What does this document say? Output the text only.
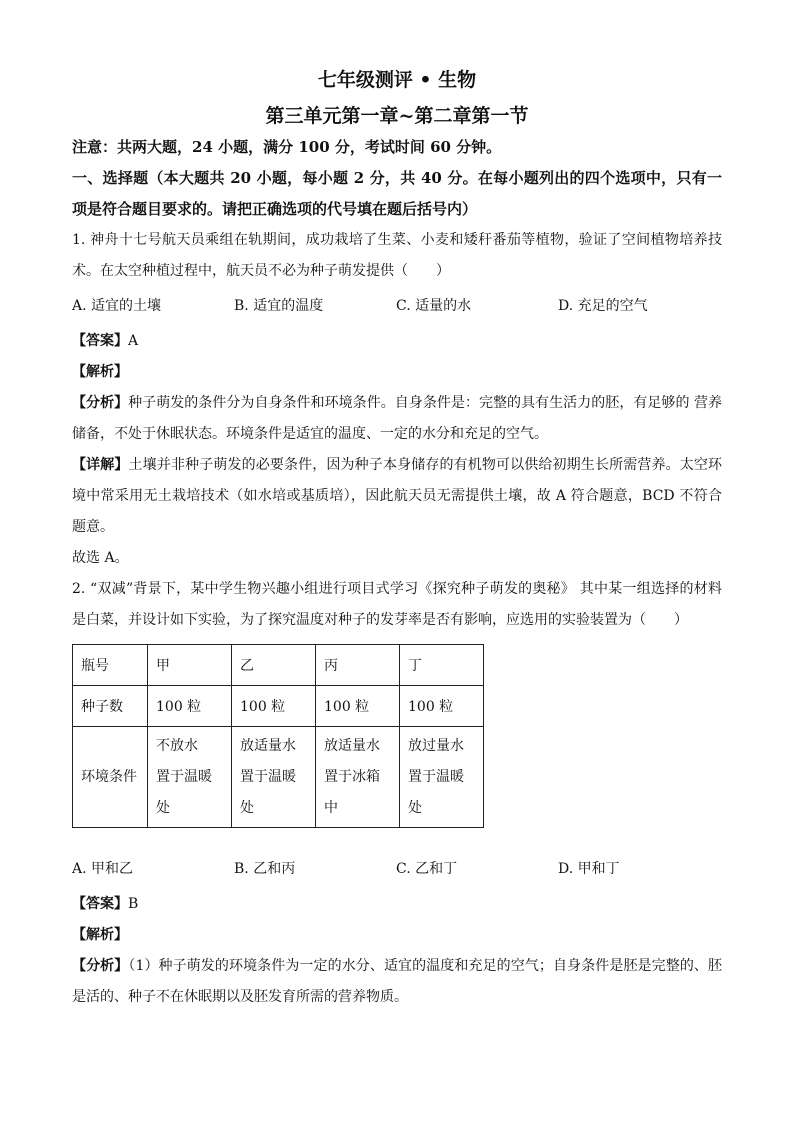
七年级测评 • 生物
第三单元第一章~第二章第一节
注意：共两大题，24 小题，满分 100 分，考试时间 60 分钟。

一、选择题（本大题共 20 小题，每小题 2 分，共 40 分。在每小题列出的四个选项中，只有一项是符合题目要求的。请把正确选项的代号填在题后括号内）

1. 神舟十七号航天员乘组在轨期间，成功栽培了生菜、小麦和矮秆番茄等植物，验证了空间植物培养技术。在太空种植过程中，航天员不必为种子萌发提供（　　）

A. 适宜的土壤	B. 适宜的温度	C. 适量的水	D. 充足的空气

【答案】A

【解析】

【分析】种子萌发的条件分为自身条件和环境条件。自身条件是：完整的具有生活力的胚，有足够的 营养储备，不处于休眠状态。环境条件是适宜的温度、一定的水分和充足的空气。

【详解】土壤并非种子萌发的必要条件，因为种子本身储存的有机物可以供给初期生长所需营养。太空环境中常采用无土栽培技术（如水培或基质培），因此航天员无需提供土壤，故 A 符合题意，BCD 不符合题意。

故选 A。

2. “双减”背景下，某中学生物兴趣小组进行项目式学习《探究种子萌发的奥秘》 其中某一组选择的材料是白菜，并设计如下实验，为了探究温度对种子的发芽率是否有影响，应选用的实验装置为（　　）

瓶号	甲	乙	丙	丁
种子数	100 粒	100 粒	100 粒	100 粒
环境条件	不放水
置于温暖
处	放适量水
置于温暖
处	放适量水
置于冰箱
中	放过量水
置于温暖
处
A. 甲和乙	B. 乙和丙	C. 乙和丁	D. 甲和丁

【答案】B

【解析】

【分析】（1）种子萌发的环境条件为一定的水分、适宜的温度和充足的空气；自身条件是胚是完整的、胚是活的、种子不在休眠期以及胚发育所需的营养物质。
